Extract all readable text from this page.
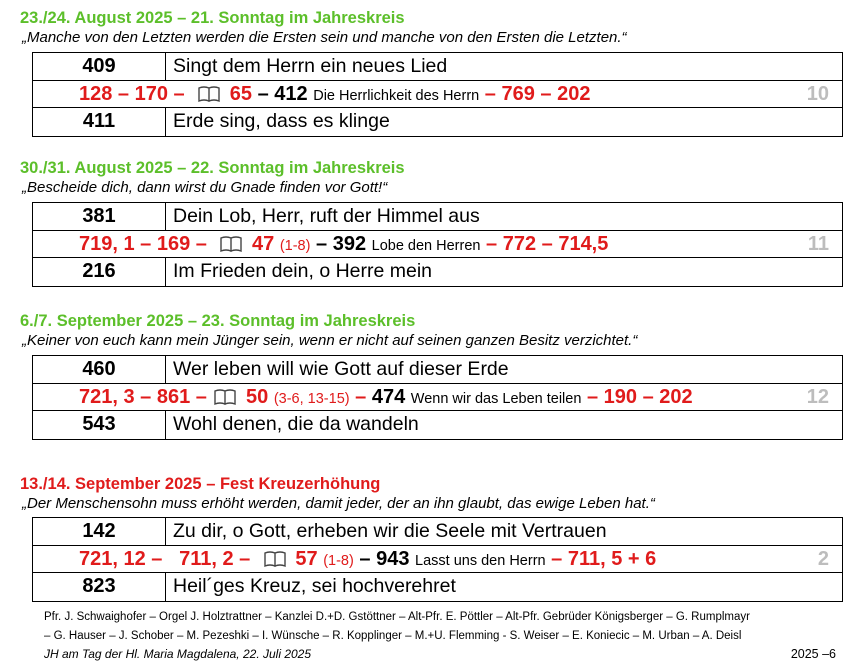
23./24. August 2025 – 21. Sonntag im Jahreskreis
„Manche von den Letzten werden die Ersten sein und manche von den Ersten die Letzten.“
409	Singt dem Herrn ein neues Lied
128 – 170 – 65 – 412 Die Herrlichkeit des Herrn – 769 – 202	10
411	Erde sing, dass es klinge
30./31. August 2025 – 22. Sonntag im Jahreskreis
„Bescheide dich, dann wirst du Gnade finden vor Gott!“
381	Dein Lob, Herr, ruft der Himmel aus
719, 1 – 169 – 47 (1-8) – 392 Lobe den Herren – 772 – 714,5	11
216	Im Frieden dein, o Herre mein
6./7. September 2025 – 23. Sonntag im Jahreskreis
„Keiner von euch kann mein Jünger sein, wenn er nicht auf seinen ganzen Besitz verzichtet.“
460	Wer leben will wie Gott auf dieser Erde
721, 3 – 861 – 50 (3-6, 13-15) – 474 Wenn wir das Leben teilen – 190 – 202	12
543	Wohl denen, die da wandeln
13./14. September 2025 – Fest Kreuzerhöhung
„Der Menschensohn muss erhöht werden, damit jeder, der an ihn glaubt, das ewige Leben hat.“
142	Zu dir, o Gott, erheben wir die Seele mit Vertrauen
721, 12 –   711, 2 – 57 (1-8) – 943 Lasst uns den Herrn – 711, 5 + 6	2
823	Heil´ges Kreuz, sei hochverehret
Pfr. J. Schwaighofer – Orgel J. Holztrattner – Kanzlei D.+D. Gstöttner – Alt-Pfr. E. Pöttler – Alt-Pfr. Gebrüder Königsberger – G. Rumplmayr
– G. Hauser – J. Schober – M. Pezeshki – I. Wünsche – R. Kopplinger – M.+U. Flemming - S. Weiser – E. Koniecic – M. Urban – A. Deisl
JH am Tag der Hl. Maria Magdalena, 22. Juli 2025	2025 –6
